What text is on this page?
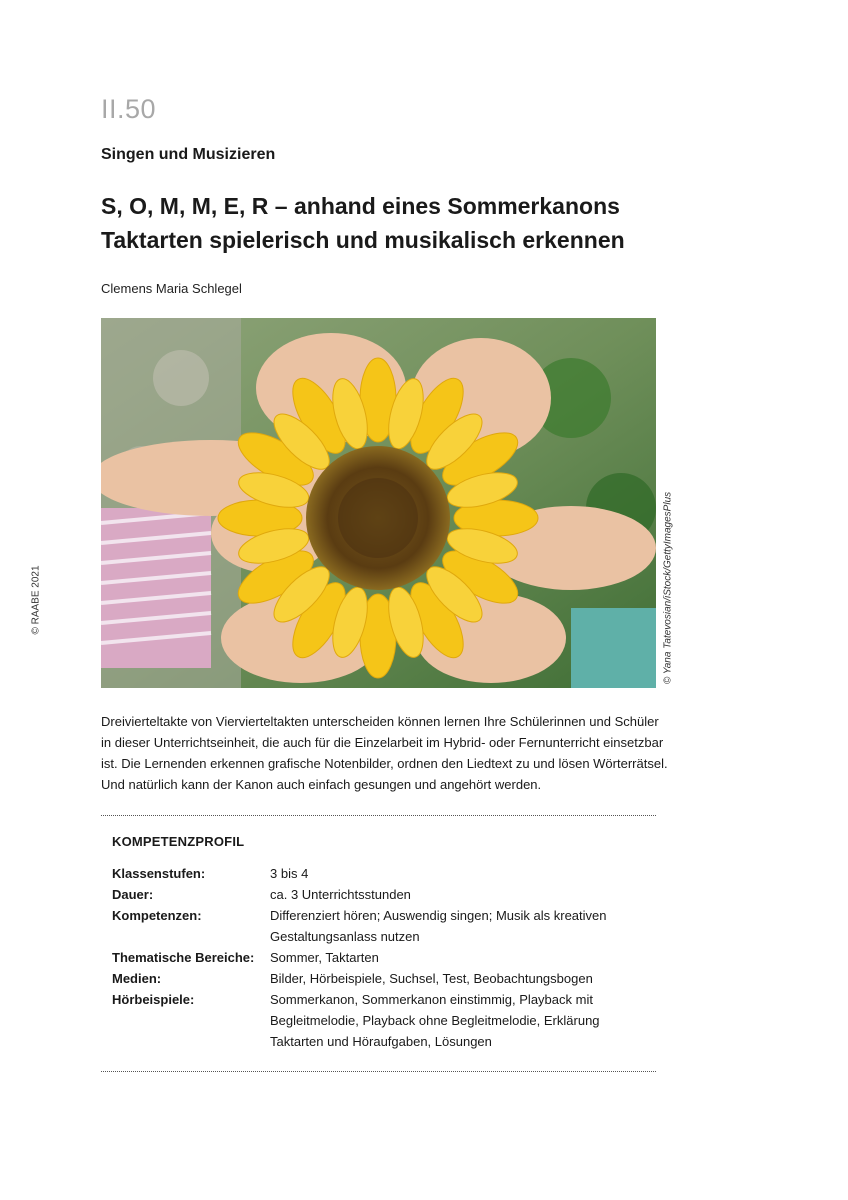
II.50
Singen und Musizieren
S, O, M, M, E, R – anhand eines Sommerkanons
Taktarten spielerisch und musikalisch erkennen
Clemens Maria Schlegel
© RAABE 2021	© Yana Tatevosian/iStock/GettyImagesPlus
Dreivierteltakte von Viervierteltakten unterscheiden können lernen Ihre Schülerinnen und Schüler
in dieser Unterrichtseinheit, die auch für die Einzelarbeit im Hybrid- oder Fernunterricht einsetzbar
ist. Die Lernenden erkennen grafische Notenbilder, ordnen den Liedtext zu und lösen Wörterrätsel.
Und natürlich kann der Kanon auch einfach gesungen und angehört werden.
KOMPETENZPROFIL
Klassenstufen:	3 bis 4
Dauer:	ca. 3 Unterrichtsstunden
Kompetenzen:	Differenziert hören; Auswendig singen; Musik als kreativen
Gestaltungsanlass nutzen
Thematische Bereiche:	Sommer, Taktarten
Medien:	Bilder, Hörbeispiele, Suchsel, Test, Beobachtungsbogen
Hörbeispiele:	Sommerkanon, Sommerkanon einstimmig, Playback mit
Begleitmelodie, Playback ohne Begleitmelodie, Erklärung
Taktarten und Höraufgaben, Lösungen
